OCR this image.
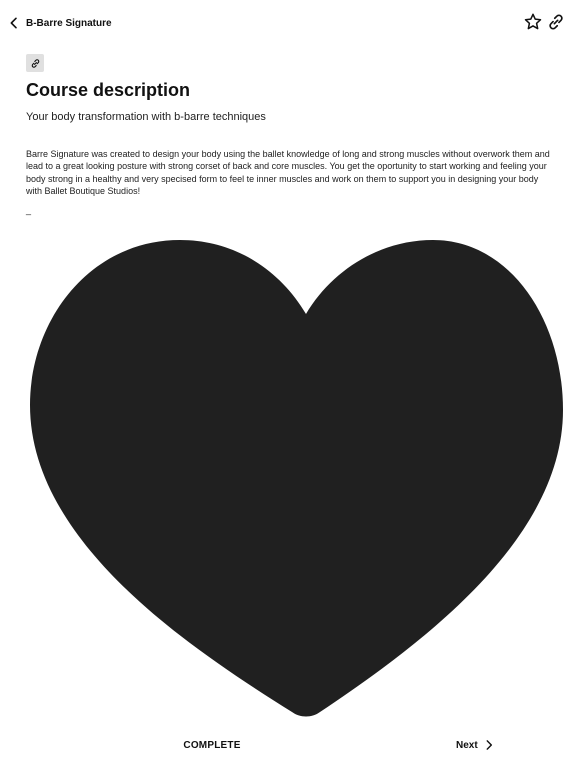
B-Barre Signature
Course description
Your body transformation with b-barre techniques
Barre Signature was created to design your body using the ballet knowledge of long and strong muscles without overwork them and lead to a great looking posture with strong corset of back and core muscles. You get the oportunity to start working and feeling your body strong in a healthy and very specised form to feel te inner muscles and work on them to support you in designing your body with Ballet Boutique Studios!
_
COMPLETE	Next
